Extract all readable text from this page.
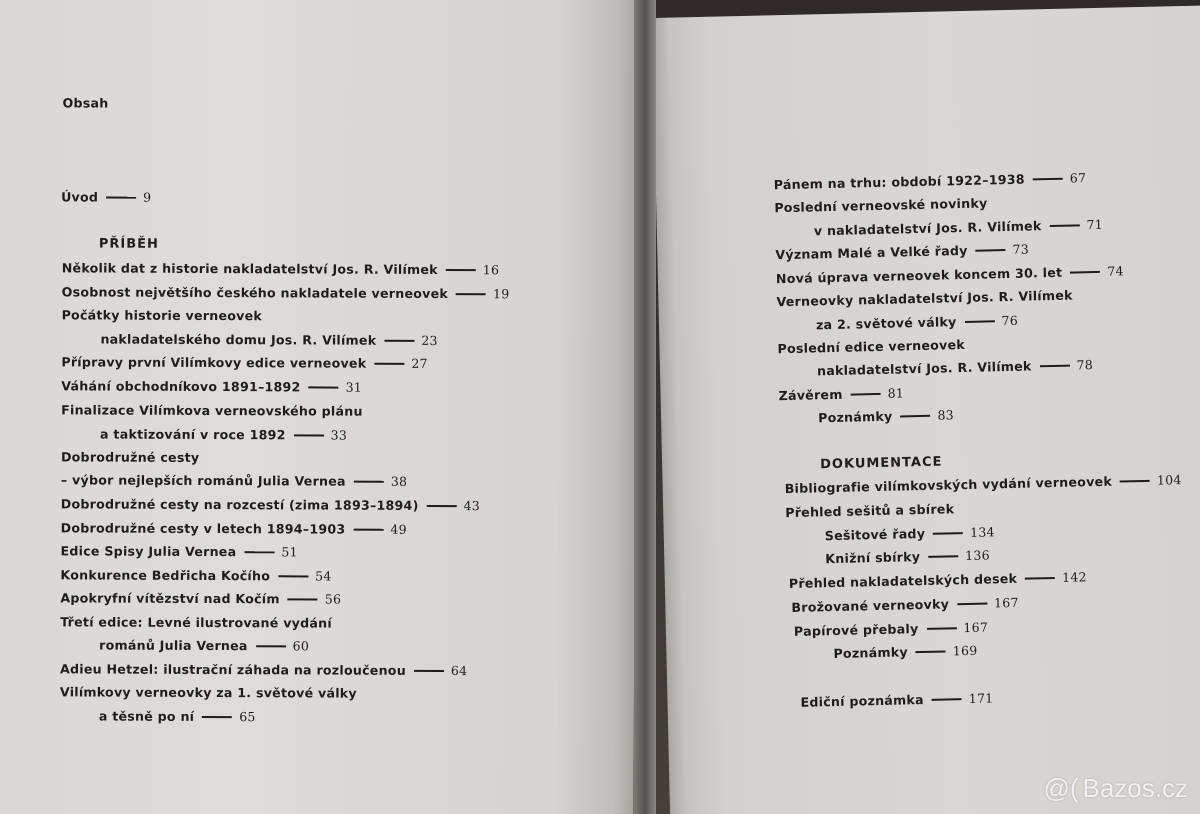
Obsah
Úvod	9
PŘÍBĚH
Několik dat z historie nakladatelství Jos. R. Vilímek	16
Osobnost největšího českého nakladatele verneovek	19
Počátky historie verneovek
nakladatelského domu Jos. R. Vilímek	23
Přípravy první Vilímkovy edice verneovek	27
Váhání obchodníkovo 1891–1892	31
Finalizace Vilímkova verneovského plánu
a taktizování v roce 1892	33
Dobrodružné cesty
– výbor nejlepších románů Julia Vernea	38
Dobrodružné cesty na rozcestí (zima 1893–1894)	43
Dobrodružné cesty v letech 1894–1903	49
Edice Spisy Julia Vernea	51
Konkurence Bedřicha Kočího	54
Apokryfní vítězství nad Kočím	56
Třetí edice: Levné ilustrované vydání
románů Julia Vernea	60
Adieu Hetzel: ilustrační záhada na rozloučenou	64
Vilímkovy verneovky za 1. světové války
a těsně po ní	65
Pánem na trhu: období 1922–1938	67
Poslední verneovské novinky
v nakladatelství Jos. R. Vilímek	71
Význam Malé a Velké řady	73
Nová úprava verneovek koncem 30. let	74
Verneovky nakladatelství Jos. R. Vilímek
za 2. světové války	76
Poslední edice verneovek
nakladatelství Jos. R. Vilímek	78
Závěrem	81
Poznámky	83
DOKUMENTACE
Bibliografie vilímkovských vydání verneovek	104
Přehled sešitů a sbírek
Sešitové řady	134
Knižní sbírky	136
Přehled nakladatelských desek	142
Brožované verneovky	167
Papírové přebaly	167
Poznámky	169
Ediční poznámka	171
@( Bazos.cz
